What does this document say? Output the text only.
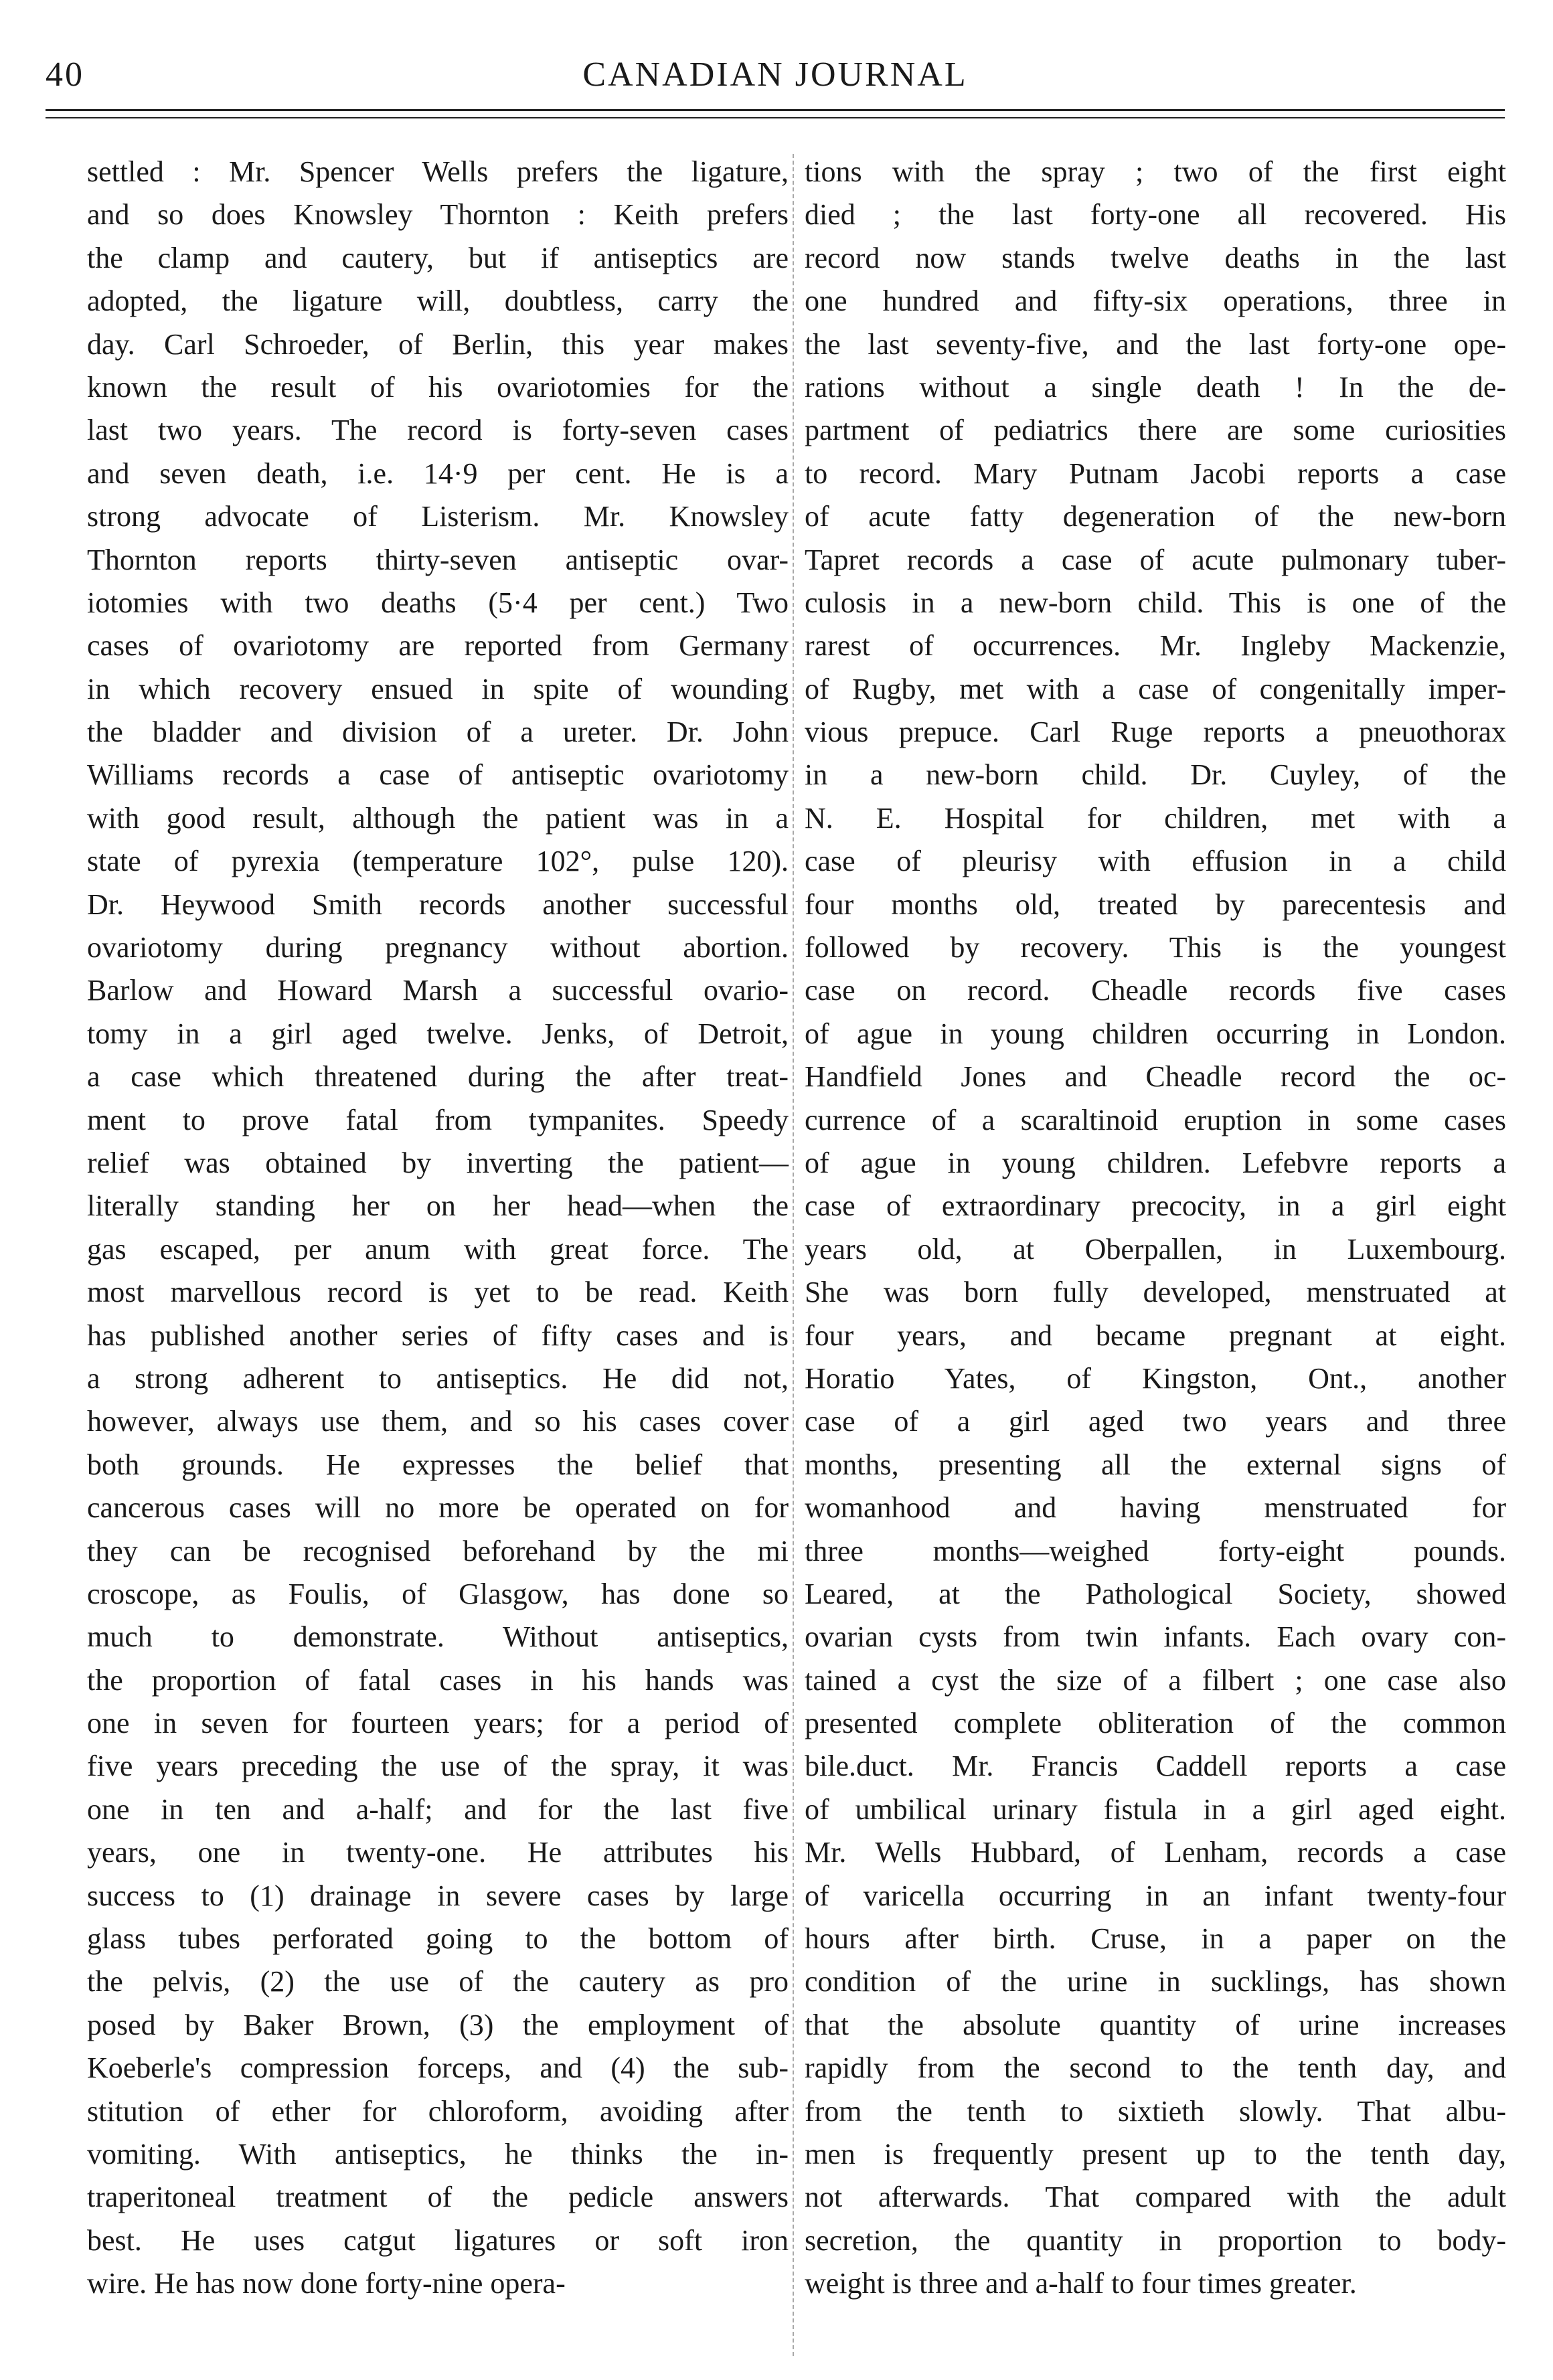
40	CANADIAN JOURNAL
settled : Mr. Spencer Wells prefers the ligature,
and so does Knowsley Thornton : Keith prefers
the clamp and cautery, but if antiseptics are
adopted, the ligature will, doubtless, carry the
day. Carl Schroeder, of Berlin, this year makes
known the result of his ovariotomies for the
last two years. The record is forty-seven cases
and seven death, i.e. 14·9 per cent. He is a
strong advocate of Listerism. Mr. Knowsley
Thornton reports thirty-seven antiseptic ovar-
iotomies with two deaths (5·4 per cent.) Two
cases of ovariotomy are reported from Germany
in which recovery ensued in spite of wounding
the bladder and division of a ureter. Dr. John
Williams records a case of antiseptic ovariotomy
with good result, although the patient was in a
state of pyrexia (temperature 102°, pulse 120).
Dr. Heywood Smith records another successful
ovariotomy during pregnancy without abortion.
Barlow and Howard Marsh a successful ovario-
tomy in a girl aged twelve. Jenks, of Detroit,
a case which threatened during the after treat-
ment to prove fatal from tympanites. Speedy
relief was obtained by inverting the patient—
literally standing her on her head—when the
gas escaped, per anum with great force. The
most marvellous record is yet to be read. Keith
has published another series of fifty cases and is
a strong adherent to antiseptics. He did not,
however, always use them, and so his cases cover
both grounds. He expresses the belief that
cancerous cases will no more be operated on for
they can be recognised beforehand by the mi
croscope, as Foulis, of Glasgow, has done so
much to demonstrate. Without antiseptics,
the proportion of fatal cases in his hands was
one in seven for fourteen years; for a period of
five years preceding the use of the spray, it was
one in ten and a-half; and for the last five
years, one in twenty-one. He attributes his
success to (1) drainage in severe cases by large
glass tubes perforated going to the bottom of
the pelvis, (2) the use of the cautery as pro
posed by Baker Brown, (3) the employment of
Koeberle's compression forceps, and (4) the sub-
stitution of ether for chloroform, avoiding after
vomiting. With antiseptics, he thinks the in-
traperitoneal treatment of the pedicle answers
best. He uses catgut ligatures or soft iron
wire. He has now done forty-nine opera-
tions with the spray ; two of the first eight
died ; the last forty-one all recovered. His
record now stands twelve deaths in the last
one hundred and fifty-six operations, three in
the last seventy-five, and the last forty-one ope-
rations without a single death ! In the de-
partment of pediatrics there are some curiosities
to record. Mary Putnam Jacobi reports a case
of acute fatty degeneration of the new-born
Tapret records a case of acute pulmonary tuber-
culosis in a new-born child. This is one of the
rarest of occurrences. Mr. Ingleby Mackenzie,
of Rugby, met with a case of congenitally imper-
vious prepuce. Carl Ruge reports a pneuothorax
in a new-born child. Dr. Cuyley, of the
N. E. Hospital for children, met with a
case of pleurisy with effusion in a child
four months old, treated by parecentesis and
followed by recovery. This is the youngest
case on record. Cheadle records five cases
of ague in young children occurring in London.
Handfield Jones and Cheadle record the oc-
currence of a scaraltinoid eruption in some cases
of ague in young children. Lefebvre reports a
case of extraordinary precocity, in a girl eight
years old, at Oberpallen, in Luxembourg.
She was born fully developed, menstruated at
four years, and became pregnant at eight.
Horatio Yates, of Kingston, Ont., another
case of a girl aged two years and three
months, presenting all the external signs of
womanhood and having menstruated for
three months—weighed forty-eight pounds.
Leared, at the Pathological Society, showed
ovarian cysts from twin infants. Each ovary con-
tained a cyst the size of a filbert ; one case also
presented complete obliteration of the common
bile.duct. Mr. Francis Caddell reports a case
of umbilical urinary fistula in a girl aged eight.
Mr. Wells Hubbard, of Lenham, records a case
of varicella occurring in an infant twenty-four
hours after birth. Cruse, in a paper on the
condition of the urine in sucklings, has shown
that the absolute quantity of urine increases
rapidly from the second to the tenth day, and
from the tenth to sixtieth slowly. That albu-
men is frequently present up to the tenth day,
not afterwards. That compared with the adult
secretion, the quantity in proportion to body-
weight is three and a-half to four times greater.
